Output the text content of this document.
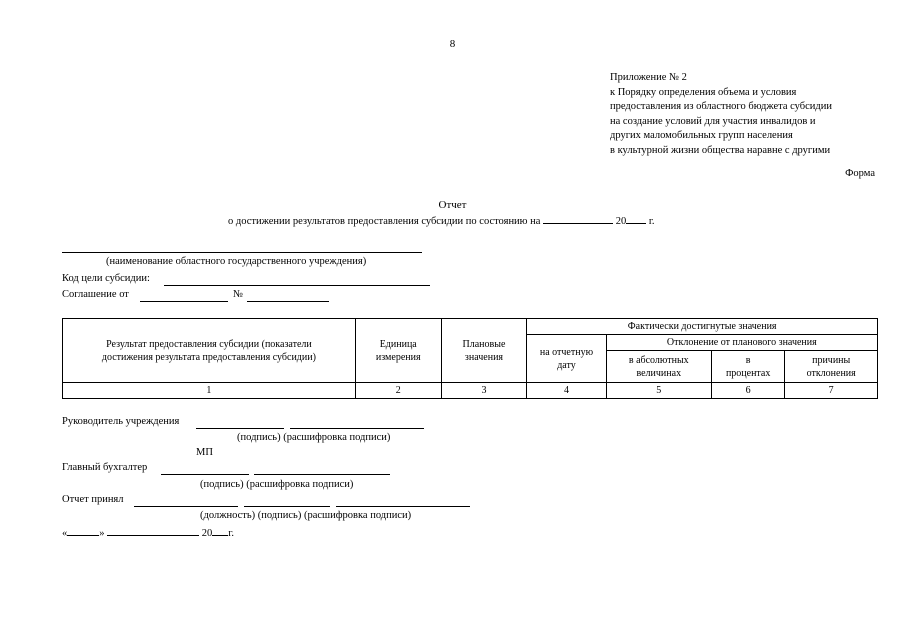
8
Приложение № 2
к Порядку определения объема и условия
предоставления из областного бюджета субсидии
на создание условий для участия инвалидов и
других маломобильных групп населения
в культурной жизни общества наравне с другими
Форма
Отчет
о достижении результатов предоставления субсидии по состоянию на	20 г.
(наименование областного государственного учреждения)
Код цели субсидии:
Соглашение от	№
Результат предоставления субсидии (показатели достижения результата предоставления субсидии)	Единица измерения	Плановые значения	Фактически достигнутые значения			
			на отчетную дату	Отклонение от планового значения		
				в абсолютных величинах	в процентах	причины отклонения
1	2	3	4	5	6	7
Руководитель учреждения
(подпись) (расшифровка подписи)
МП
Главный бухгалтер
(подпись) (расшифровка подписи)
Отчет принял
(должность) (подпись) (расшифровка подписи)
«	»	20 г.
